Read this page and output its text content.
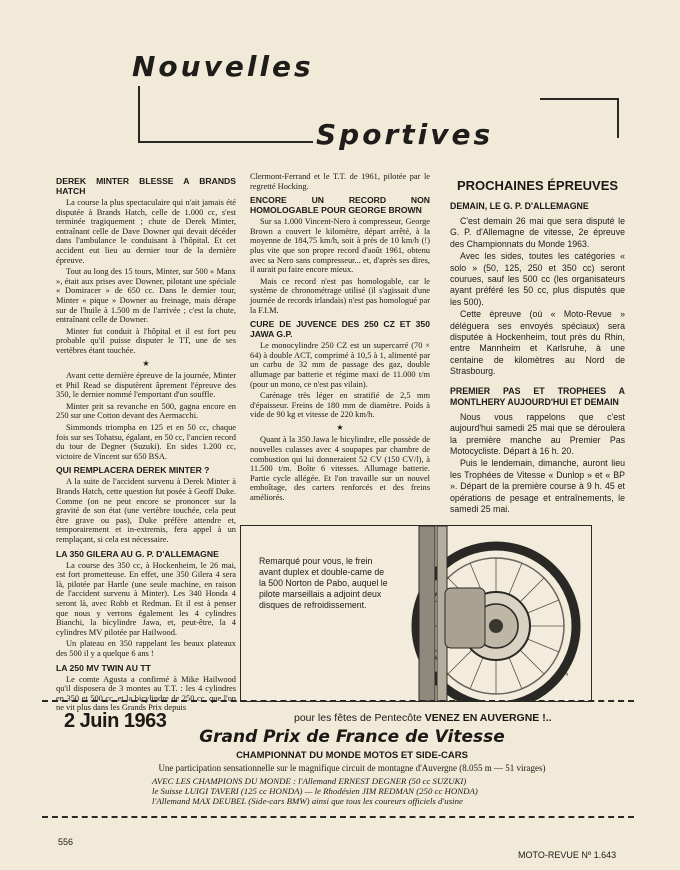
Nouvelles
Sportives

DEREK MINTER BLESSE A BRANDS HATCH

La course la plus spectaculaire qui n'ait jamais été disputée à Brands Hatch, celle de 1.000 cc, s'est terminée tragiquement ; chute de Derek Minter, entraînant celle de Dave Downer qui devait décéder dans l'ambulance le conduisant à l'hôpital. Et cet accident eut lieu au dernier tour de la dernière épreuve.

Tout au long des 15 tours, Minter, sur 500 « Manx », était aux prises avec Downer, pilotant une spéciale « Domiracer » de 650 cc. Dans le dernier tour, Minter « pique » Downer au freinage, mais dérape sur de l'huile à 1.500 m de l'arrivée ; c'est la chute, entraînant celle de Downer.

Minter fut conduit à l'hôpital et il est fort peu probable qu'il puisse disputer le TT, une de ses vertèbres étant touchée.

★

Avant cette dernière épreuve de la journée, Minter et Phil Read se disputèrent âprement l'épreuve des 350, le dernier nommé l'emportant d'un souffle.

Minter prit sa revanche en 500, gagna encore en 250 sur une Cotton devant des Aermacchi.

Simmonds triompha en 125 et en 50 cc, chaque fois sur ses Tohatsu, égalant, en 50 cc, l'ancien record du tour de Degner (Suzuki). En sides 1.200 cc, victoire de Vincent sur 650 BSA.

QUI REMPLACERA DEREK MINTER ?

A la suite de l'accident survenu à Derek Minter à Brands Hatch, cette question fut posée à Geoff Duke. Comme (on ne peut encore se prononcer sur la gravité de son état (une vertèbre touchée, cela peut être grave ou pas), Duke préfère attendre et, temporairement et in-extremis, fera appel à un remplaçant, si cela est nécessaire.

LA 350 GILERA AU G. P. D'ALLEMAGNE

La course des 350 cc, à Hockenheim, le 26 mai, est fort prometteuse. En effet, une 350 Gilera 4 sera là, pilotée par Hartle (une seule machine, en raison de l'accident survenu à Minter). Les 340 Honda 4 seront là, avec Robb et Redman. Et il est à penser que nous y verrons également les 4 cylindres Bianchi, la bicylindre Jawa, et, peut-être, la 4 cylindres MV pilotée par Hailwood.

Un plateau en 350 rappelant les beaux plateaux des 500 il y a quelque 6 ans !

LA 250 MV TWIN AU TT

Le comte Agusta a confirmé à Mike Hailwood qu'il disposera de 3 montes au T.T. : les 4 cylindres en 350 et 500 cc, et la bicylindre de 250 cc, que l'on ne vit plus dans les Grands Prix depuis

Clermont-Ferrand et le T.T. de 1961, pilotée par le regretté Hocking.

ENCORE UN RECORD NON HOMOLOGABLE POUR GEORGE BROWN

Sur sa 1.000 Vincent-Nero à compresseur, George Brown a couvert le kilomètre, départ arrêté, à la moyenne de 184,75 km/h, soit à près de 10 km/h (!) plus vite que son propre record d'août 1961, obtenu avec sa Nero sans compresseur... et, d'après ses dires, il aurait pu faire encore mieux.

Mais ce record n'est pas homologable, car le système de chronométrage utilisé (il s'agissait d'une journée de records irlandais) n'est pas homologué par la F.I.M.

CURE DE JUVENCE DES 250 CZ ET 350 JAWA G.P.

Le monocylindre 250 CZ est un supercarré (70 × 64) à double ACT, comprimé à 10,5 à 1, alimenté par un carbu de 32 mm de passage des gaz, double allumage par batterie et régime maxi de 11.000 t/m (pour un mono, ce n'est pas vilain).

Carénage très léger en stratifié de 2,5 mm d'épaisseur. Freins de 180 mm de diamètre. Poids à vide de 90 kg et vitesse de 220 km/h.

★

Quant à la 350 Jawa le bicylindre, elle possède de nouvelles culasses avec 4 soupapes par chambre de combustion qui lui donneraient 52 CV (150 CV/l), à 11.500 t/m. Boîte 6 vitesses. Allumage batterie. Partie cycle allégée. Et l'on travaille sur un nouvel emboîtage, des carters renforcés et des freins améliorés.

PROCHAINES ÉPREUVES

DEMAIN, LE G. P. D'ALLEMAGNE

C'est demain 26 mai que sera disputé le G. P. d'Allemagne de vitesse, 2e épreuve des Championnats du Monde 1963.

Avec les sides, toutes les catégories « solo » (50, 125, 250 et 350 cc) seront courues, sauf les 500 cc (les organisateurs ayant préféré les 50 cc, plus disputés que les 500).

Cette épreuve (où « Moto-Revue » déléguera ses envoyés spéciaux) sera disputée à Hockenheim, tout près du Rhin, entre Mannheim et Karlsruhe, à une centaine de kilomètres au Nord de Strasbourg.

PREMIER PAS ET TROPHEES A MONTLHERY AUJOURD'HUI ET DEMAIN

Nous vous rappelons que c'est aujourd'hui samedi 25 mai que se déroulera la première manche au Premier Pas Motocycliste. Départ à 16 h. 20.

Puis le lendemain, dimanche, auront lieu les Trophées de Vitesse « Dunlop » et « BP ». Départ de la première course à 9 h. 45 et opérations de pesage et entraînements, le samedi 25 mai.

Remarqué pour vous, le frein avant duplex et double-came de la 500 Norton de Pabo, auquel le pilote marseillais a adjoint deux disques de refroidissement.
✎
2 Juin 1963	pour les fêtes de Pentecôte VENEZ EN AUVERGNE !..
Grand Prix de France de Vitesse
CHAMPIONNAT DU MONDE MOTOS ET SIDE-CARS
Une participation sensationnelle sur le magnifique circuit de montagne d'Auvergne (8.055 m — 51 virages)
AVEC LES CHAMPIONS DU MONDE : l'Allemand ERNEST DEGNER (50 cc SUZUKI)
le Suisse LUIGI TAVERI (125 cc HONDA) — le Rhodésien JIM REDMAN (250 cc HONDA)
l'Allemand MAX DEUBEL (Side-cars BMW) ainsi que tous les coureurs officiels d'usine
556
MOTO-REVUE Nº 1.643
